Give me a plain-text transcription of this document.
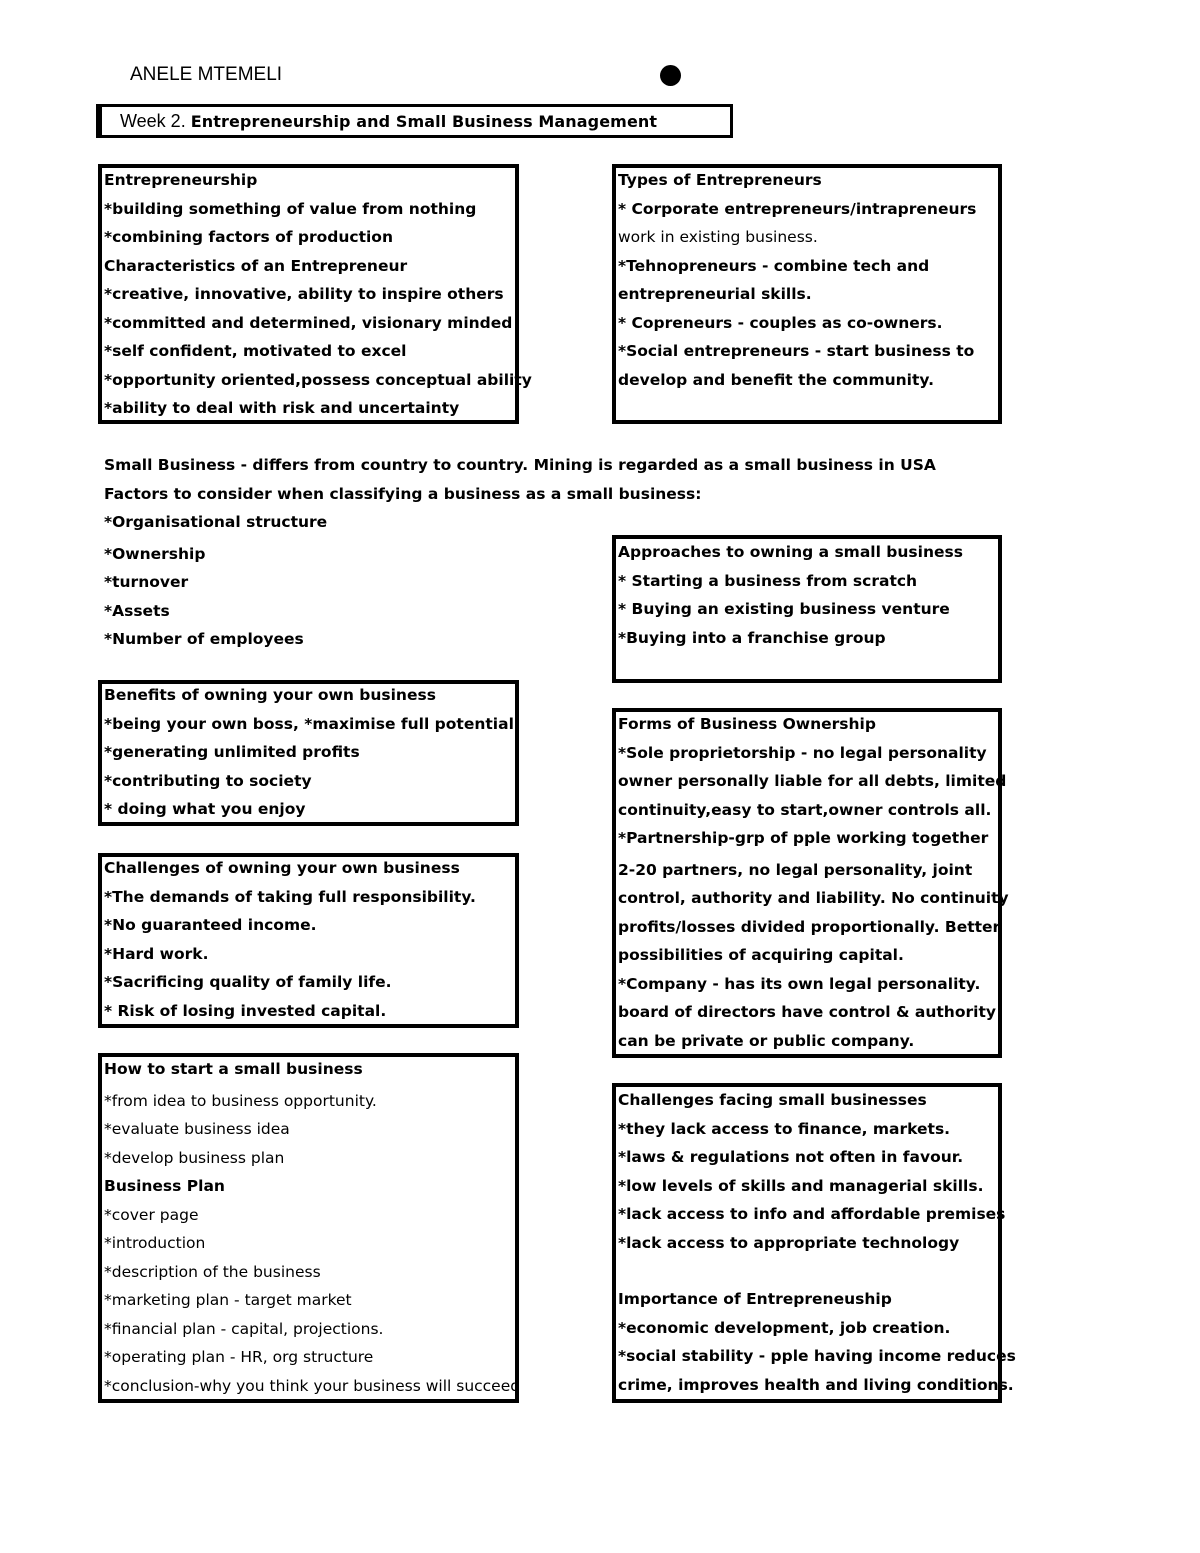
ANELE MTEMELI
Week 2. Entrepreneurship and Small Business Management
Entrepreneurship
*building something of value from nothing
*combining factors of production
Characteristics of an Entrepreneur
*creative, innovative, ability to inspire others
*committed and determined, visionary minded
*self confident, motivated to excel
*opportunity oriented,possess conceptual ability
*ability to deal with risk and uncertainty
Types of Entrepreneurs
* Corporate entrepreneurs/intrapreneurs
work in existing business.
*Tehnopreneurs - combine tech and
entrepreneurial skills.
* Copreneurs - couples as co-owners.
*Social entrepreneurs - start business to
develop and benefit the community.
Small Business - differs from country to country. Mining is regarded as a small business in USA
Factors to consider when classifying a business as a small business:
*Organisational structure
*Ownership
*turnover
*Assets
*Number of employees
Approaches to owning a small business
* Starting a business from scratch
* Buying an existing business venture
*Buying into a franchise group
Benefits of owning your own business
*being your own boss, *maximise full potential
*generating unlimited profits
*contributing to society
* doing what you enjoy
Forms of Business Ownership
*Sole proprietorship - no legal personality
owner personally liable for all debts, limited
continuity,easy to start,owner controls all.
*Partnership-grp of pple working together
2-20 partners, no legal personality, joint
control, authority and liability. No continuity
profits/losses divided proportionally. Better
possibilities of acquiring capital.
*Company - has its own legal personality.
board of directors have control & authority
can be private or public company.
Challenges of owning your own business
*The demands of taking full responsibility.
*No guaranteed income.
*Hard work.
*Sacrificing quality of family life.
* Risk of losing invested capital.
How to start a small business
*from idea to business opportunity.
*evaluate business idea
*develop business plan
Business Plan
*cover page
*introduction
*description of the business
*marketing plan - target market
*financial plan - capital, projections.
*operating plan - HR, org structure
*conclusion-why you think your business will succeed
Challenges facing small businesses
*they lack access to finance, markets.
*laws & regulations not often in favour.
*low levels of skills and managerial skills.
*lack access to info and affordable premises
*lack access to appropriate technology
Importance of Entrepreneuship
*economic development, job creation.
*social stability - pple having income reduces
crime, improves health and living conditions.
